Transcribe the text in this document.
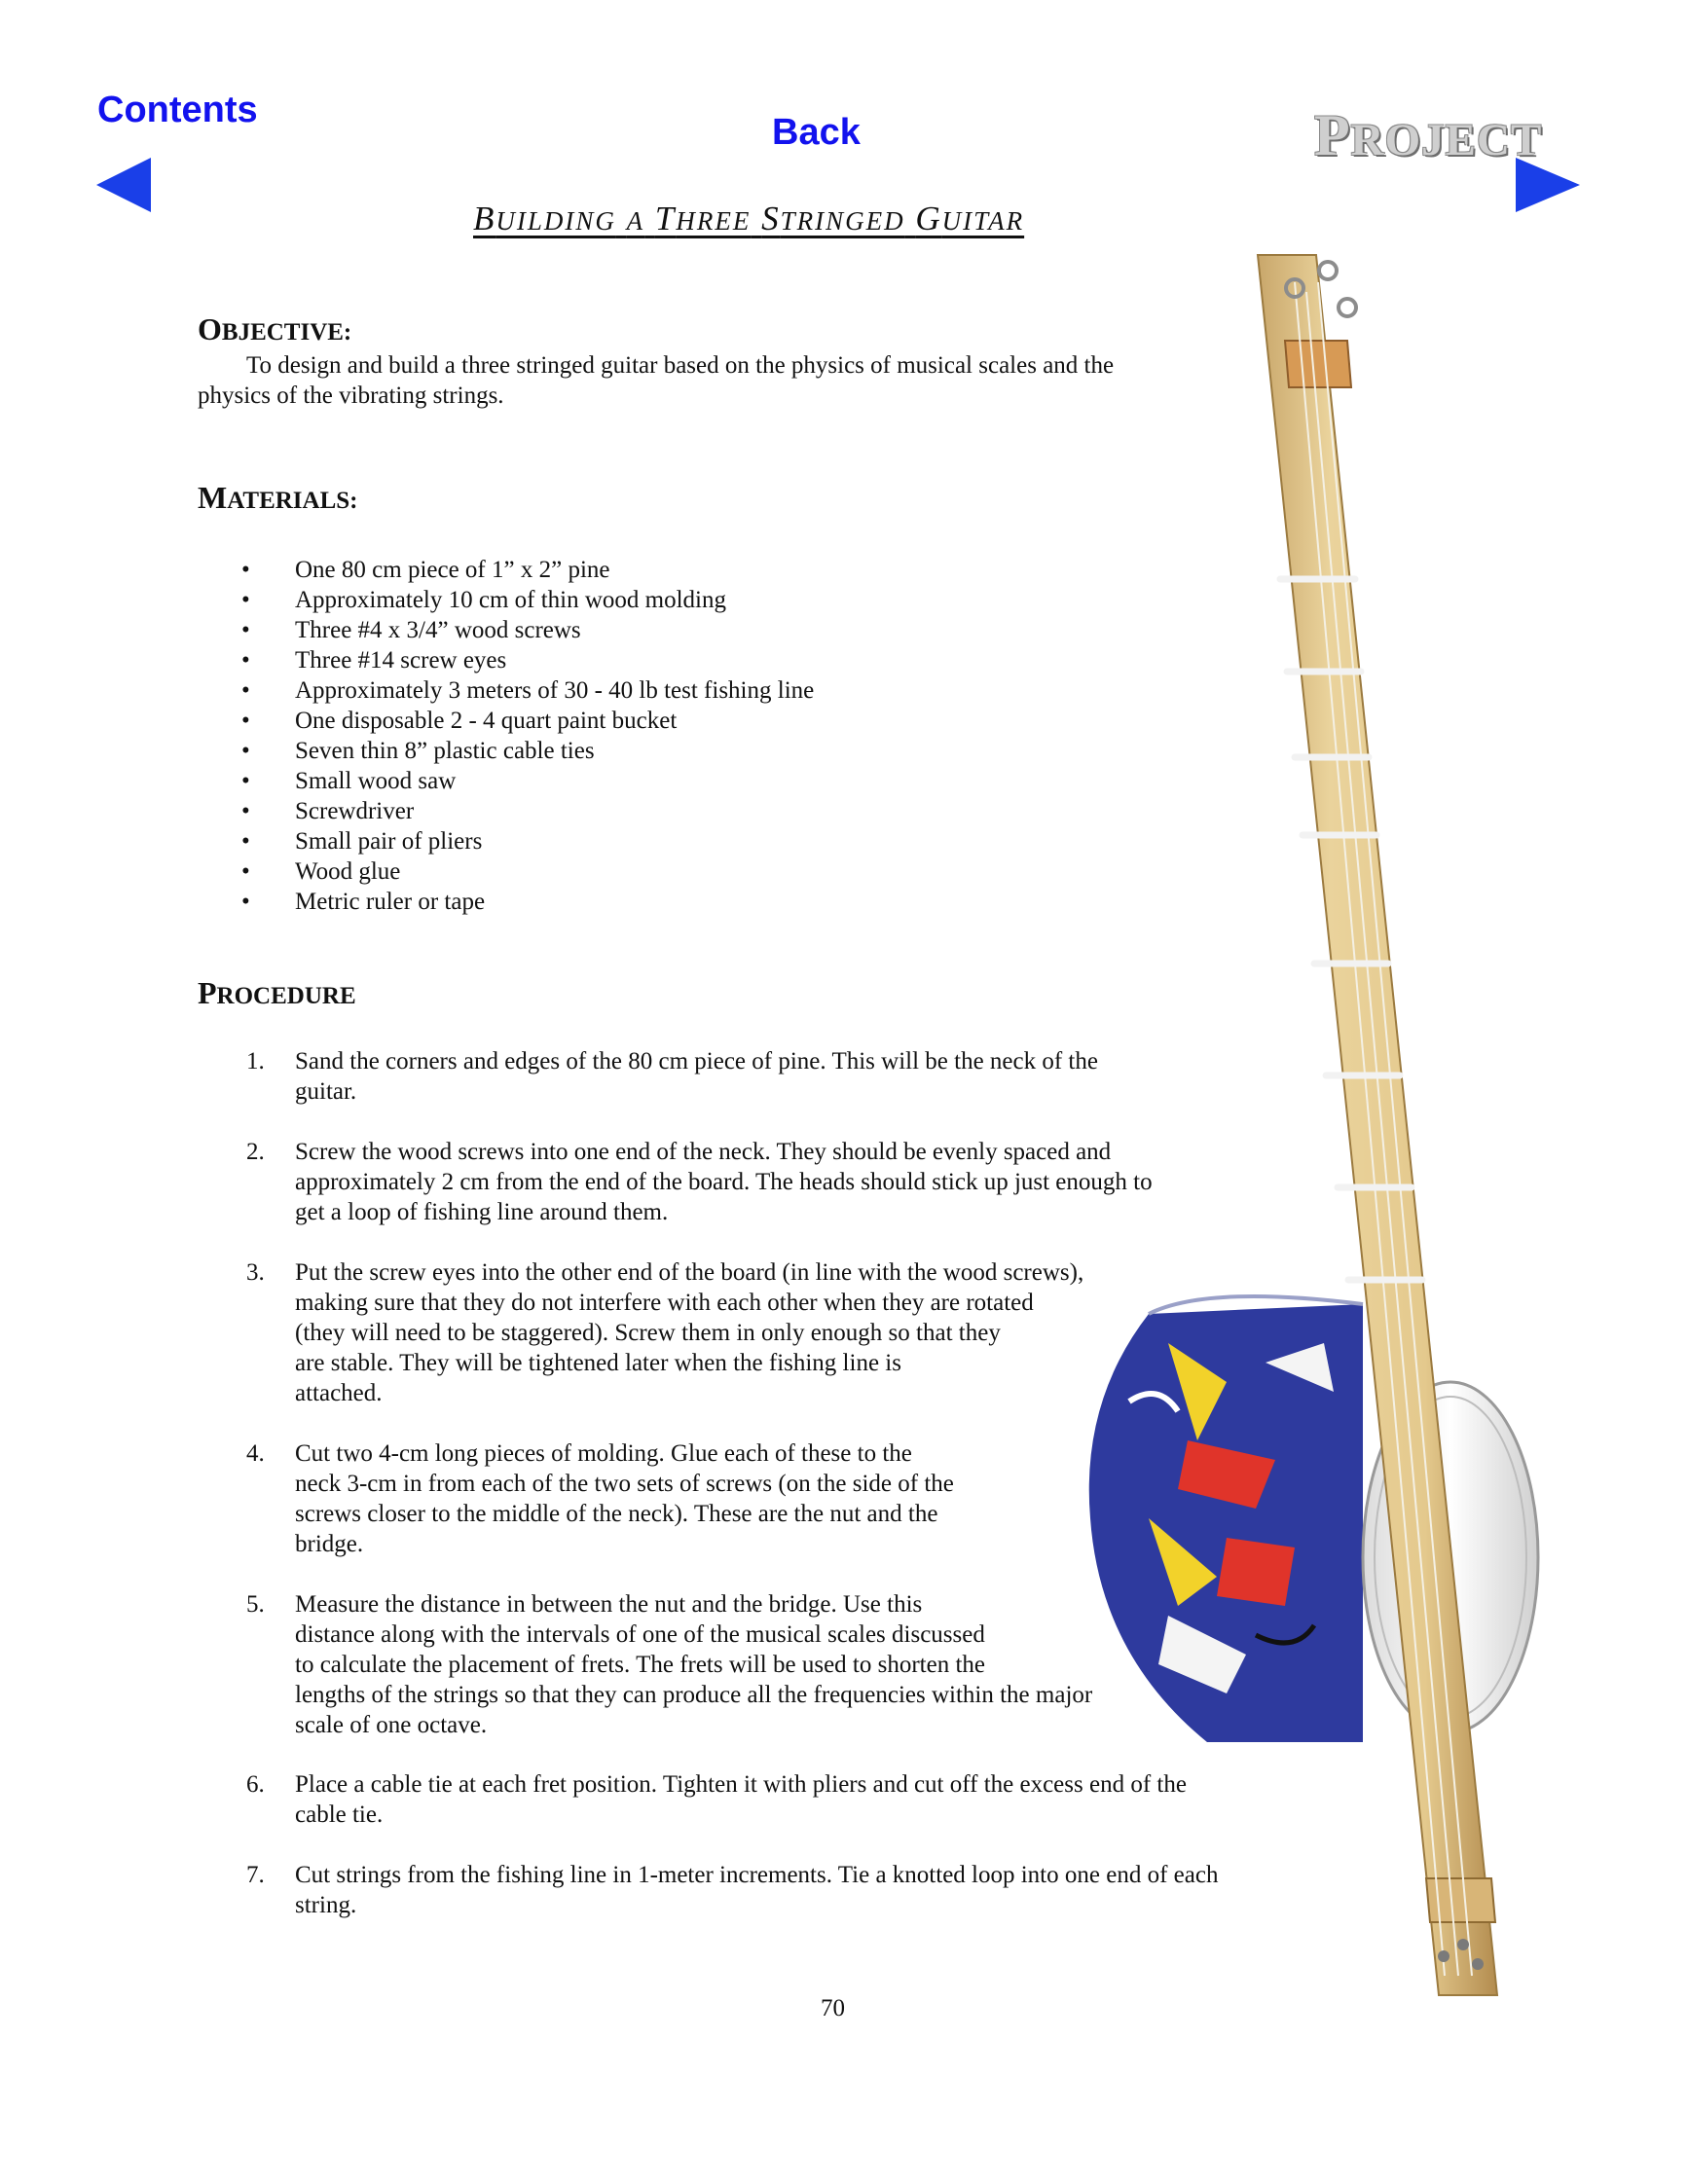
Contents
Back	PROJECT
BUILDING A THREE STRINGED GUITAR
OBJECTIVE:

To design and build a three stringed guitar based on the physics of musical scales and the
physics of the vibrating strings.

MATERIALS:
• One 80 cm piece of 1” x 2” pine
• Approximately 10 cm of thin wood molding
• Three #4 x 3/4” wood screws
• Three #14 screw eyes
• Approximately 3 meters of 30 - 40 lb test fishing line
• One disposable 2 - 4 quart paint bucket
• Seven thin 8” plastic cable ties
• Small wood saw
• Screwdriver
• Small pair of pliers
• Wood glue
• Metric ruler or tape
PROCEDURE
1.	Sand the corners and edges of the 80 cm piece of pine. This will be the neck of the
guitar.
2.	Screw the wood screws into one end of the neck. They should be evenly spaced and
approximately 2 cm from the end of the board. The heads should stick up just enough to
get a loop of fishing line around them.
3.	Put the screw eyes into the other end of the board (in line with the wood screws),
making sure that they do not interfere with each other when they are rotated
(they will need to be staggered). Screw them in only enough so that they
are stable. They will be tightened later when the fishing line is
attached.
4.	Cut two 4-cm long pieces of molding. Glue each of these to the
neck 3-cm in from each of the two sets of screws (on the side of the
screws closer to the middle of the neck). These are the nut and the
bridge.
5.	Measure the distance in between the nut and the bridge. Use this
distance along with the intervals of one of the musical scales discussed
to calculate the placement of frets. The frets will be used to shorten the
lengths of the strings so that they can produce all the frequencies within the major
scale of one octave.
6.	Place a cable tie at each fret position. Tighten it with pliers and cut off the excess end of the
cable tie.
7.	Cut strings from the fishing line in 1-meter increments. Tie a knotted loop into one end of each
string.
70
